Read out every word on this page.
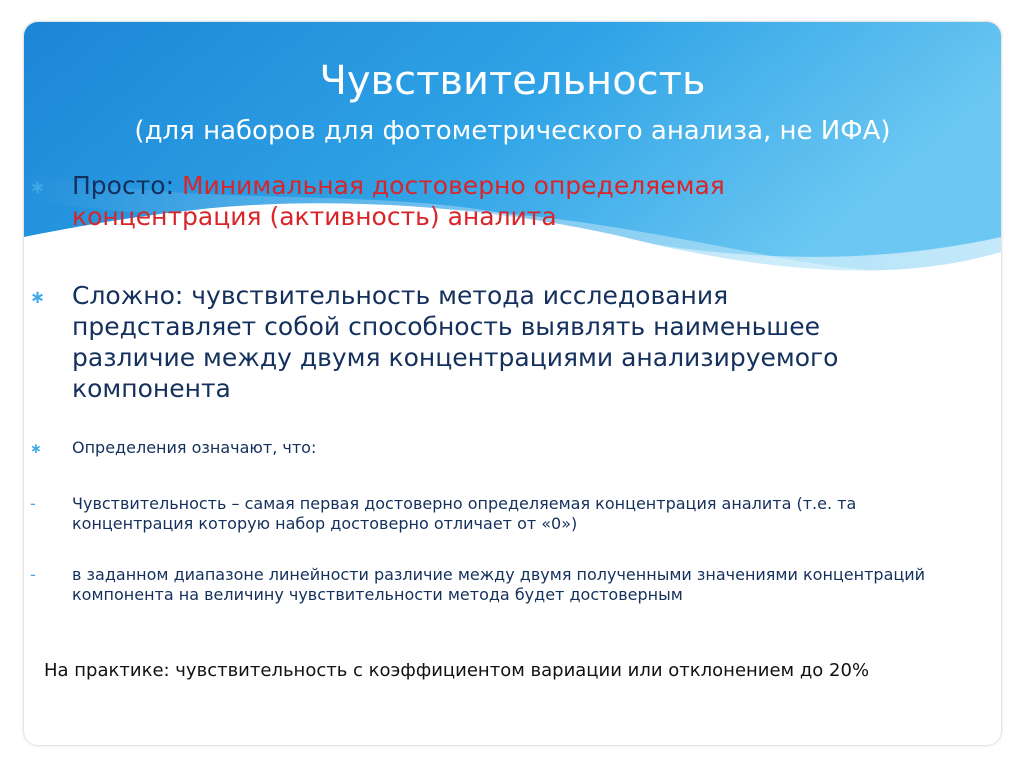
Чувствительность
(для наборов для фотометрического анализа, не ИФА)
∗ Просто: Минимальная достоверно определяемая концентрация (активность) аналита
∗ Сложно: чувствительность метода исследования представляет собой способность выявлять наименьшее различие между двумя концентрациями анализируемого компонента
∗ Определения означают, что:
- Чувствительность – самая первая достоверно определяемая концентрация аналита (т.е. та концентрация которую набор достоверно отличает от «0»)
- в заданном диапазоне линейности различие между двумя полученными значениями концентраций компонента на величину чувствительности метода будет достоверным
На практике: чувствительность с коэффициентом вариации или отклонением до 20%
